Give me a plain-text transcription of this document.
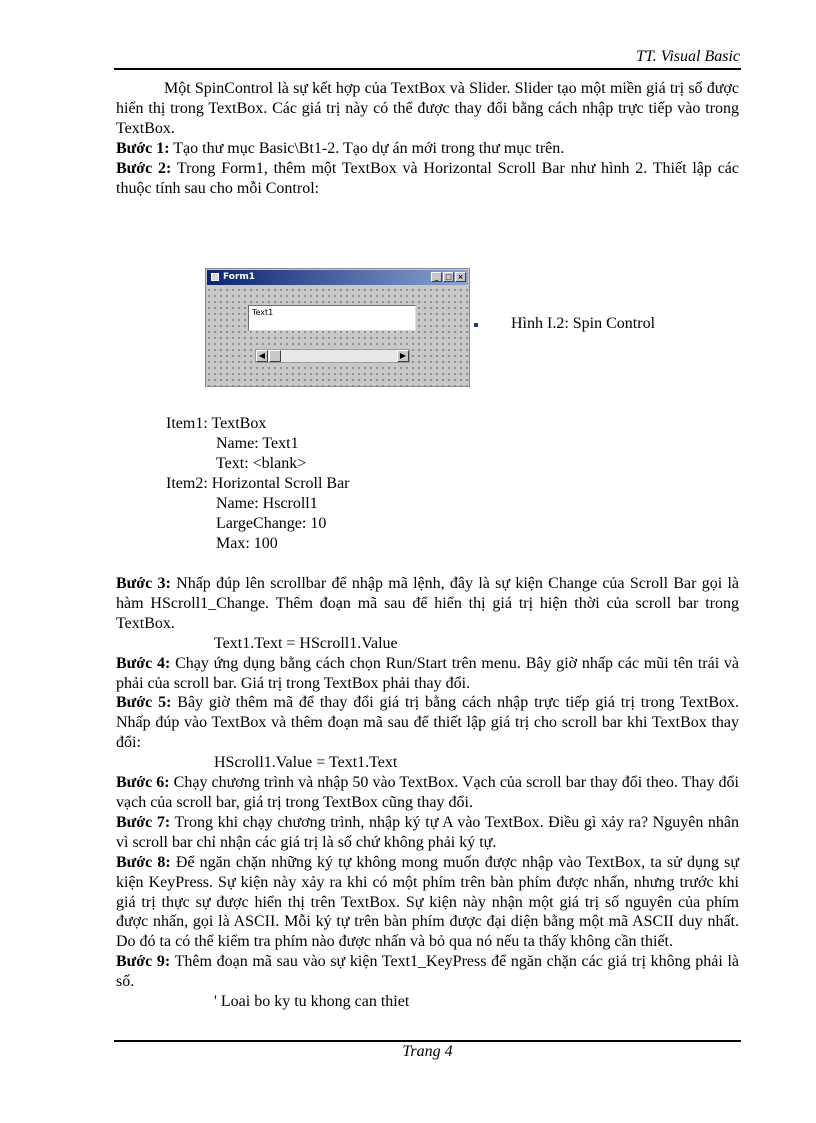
TT. Visual Basic

Một SpinControl là sự kết hợp của TextBox và Slider. Slider tạo một miền giá trị số được hiển thị trong TextBox. Các giá trị này có thể được thay đổi bằng cách nhập trực tiếp vào trong TextBox.

Bước 1: Tạo thư mục Basic\Bt1-2. Tạo dự án mới trong thư mục trên.

Bước 2: Trong Form1, thêm một TextBox và Horizontal Scroll Bar như hình 2. Thiết lập các thuộc tính sau cho mỗi Control:

Form1	_ □ ×
Text1
◀	▶
Hình I.2: Spin Control
Item1: TextBox
Name: Text1
Text: <blank>
Item2: Horizontal Scroll Bar
Name: Hscroll1
LargeChange: 10
Max: 100

Bước 3: Nhấp đúp lên scrollbar để nhập mã lệnh, đây là sự kiện Change của Scroll Bar gọi là hàm HScroll1_Change. Thêm đoạn mã sau để hiển thị giá trị hiện thời của scroll bar trong TextBox.

Text1.Text = HScroll1.Value

Bước 4: Chạy ứng dụng bằng cách chọn Run/Start trên menu. Bây giờ nhấp các mũi tên trái và phải của scroll bar. Giá trị trong TextBox phải thay đổi.

Bước 5: Bây giờ thêm mã để thay đổi giá trị bằng cách nhập trực tiếp giá trị trong TextBox. Nhấp đúp vào TextBox và thêm đoạn mã sau để thiết lập giá trị cho scroll bar khi TextBox thay đổi:

HScroll1.Value = Text1.Text

Bước 6: Chạy chương trình và nhập 50 vào TextBox. Vạch của scroll bar thay đổi theo. Thay đổi vạch của scroll bar, giá trị trong TextBox cũng thay đổi.

Bước 7: Trong khi chạy chương trình, nhập ký tự A vào TextBox. Điều gì xảy ra? Nguyên nhân vì scroll bar chỉ nhận các giá trị là số chứ không phải ký tự.

Bước 8: Để ngăn chặn những ký tự không mong muốn được nhập vào TextBox, ta sử dụng sự kiện KeyPress. Sự kiện này xảy ra khi có một phím trên bàn phím được nhấn, nhưng trước khi giá trị thực sự được hiển thị trên TextBox. Sự kiện này nhận một giá trị số nguyên của phím được nhấn, gọi là ASCII. Mỗi ký tự trên bàn phím được đại diện bằng một mã ASCII duy nhất. Do đó ta có thể kiểm tra phím nào được nhấn và bỏ qua nó nếu ta thấy không cần thiết.

Bước 9: Thêm đoạn mã sau vào sự kiện Text1_KeyPress để ngăn chặn các giá trị không phải là số.

' Loai bo ky tu khong can thiet

Trang 4
